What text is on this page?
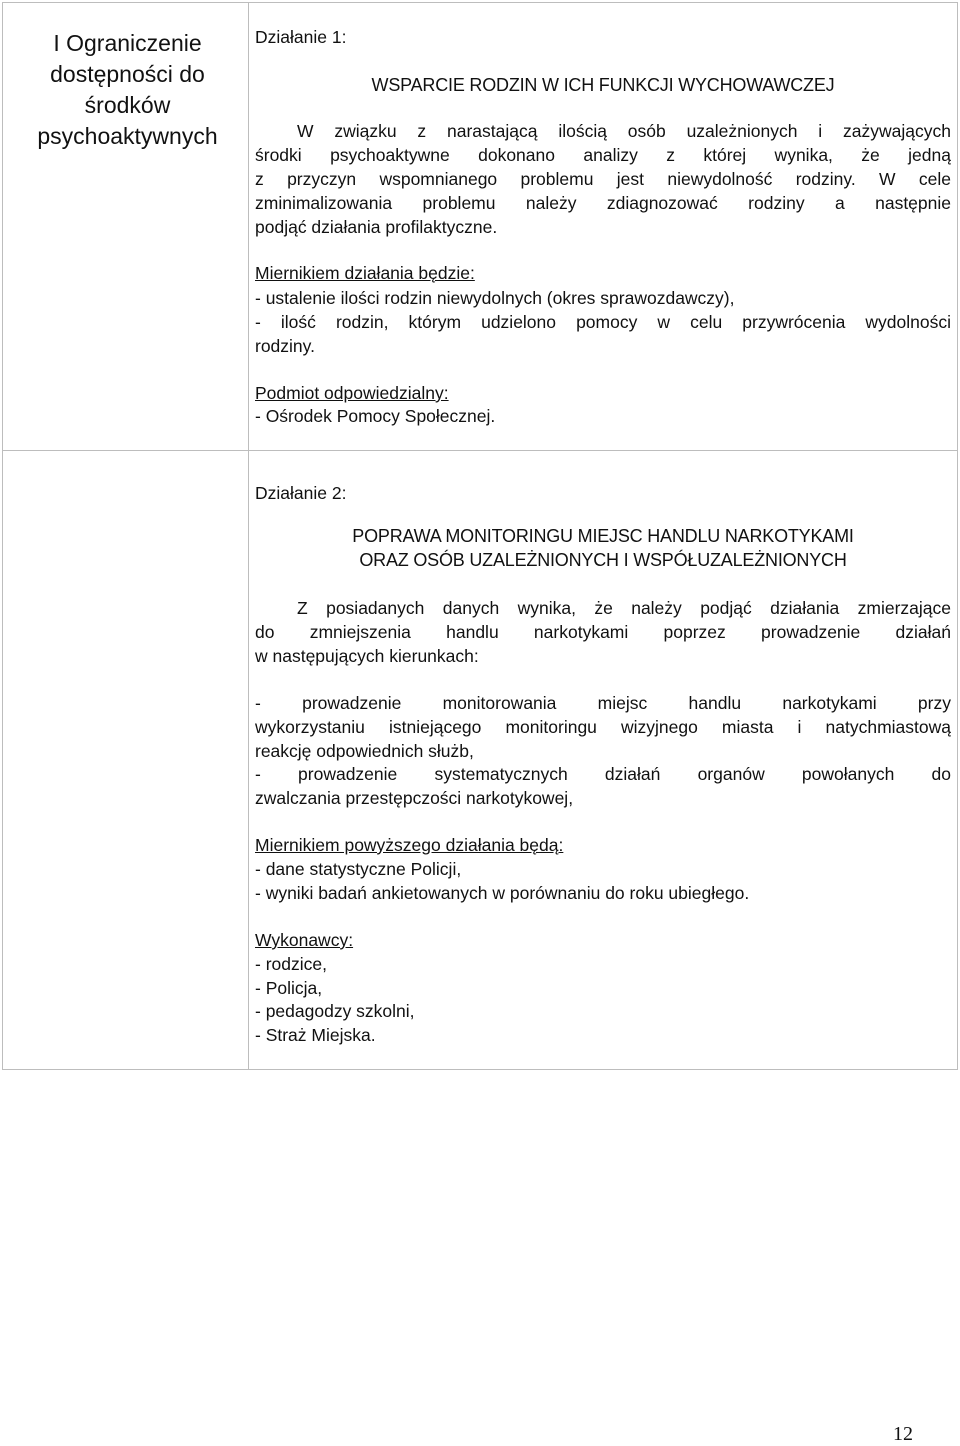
I Ograniczenie dostępności do środków psychoaktywnych
Działanie 1:
WSPARCIE RODZIN W ICH FUNKCJI WYCHOWAWCZEJ

W związku z narastającą ilością osób uzależnionych i zażywających

środki psychoaktywne dokonano analizy z której wynika, że jedną

z przyczyn wspomnianego problemu jest niewydolność rodziny. W cele

zminimalizowania problemu należy zdiagnozować rodziny a następnie

podjąć działania profilaktyczne.

Miernikiem działania będzie:

- ustalenie ilości rodzin niewydolnych (okres sprawozdawczy),

- ilość rodzin, którym udzielono pomocy w celu przywrócenia wydolności

rodziny.

Podmiot odpowiedzialny:

- Ośrodek Pomocy Społecznej.

Działanie 2:
POPRAWA MONITORINGU MIEJSC HANDLU NARKOTYKAMI
ORAZ OSÓB UZALEŻNIONYCH I WSPÓŁUZALEŻNIONYCH

Z posiadanych danych wynika, że należy podjąć działania zmierzające

do zmniejszenia handlu narkotykami poprzez prowadzenie działań

w następujących kierunkach:

- prowadzenie monitorowania miejsc handlu narkotykami przy

wykorzystaniu istniejącego monitoringu wizyjnego miasta i natychmiastową

reakcję odpowiednich służb,

- prowadzenie systematycznych działań organów powołanych do

zwalczania przestępczości narkotykowej,

Miernikiem powyższego działania będą:

- dane statystyczne Policji,

- wyniki badań ankietowanych w porównaniu do roku ubiegłego.

Wykonawcy:

- rodzice,

- Policja,

- pedagodzy szkolni,

- Straż Miejska.

12
